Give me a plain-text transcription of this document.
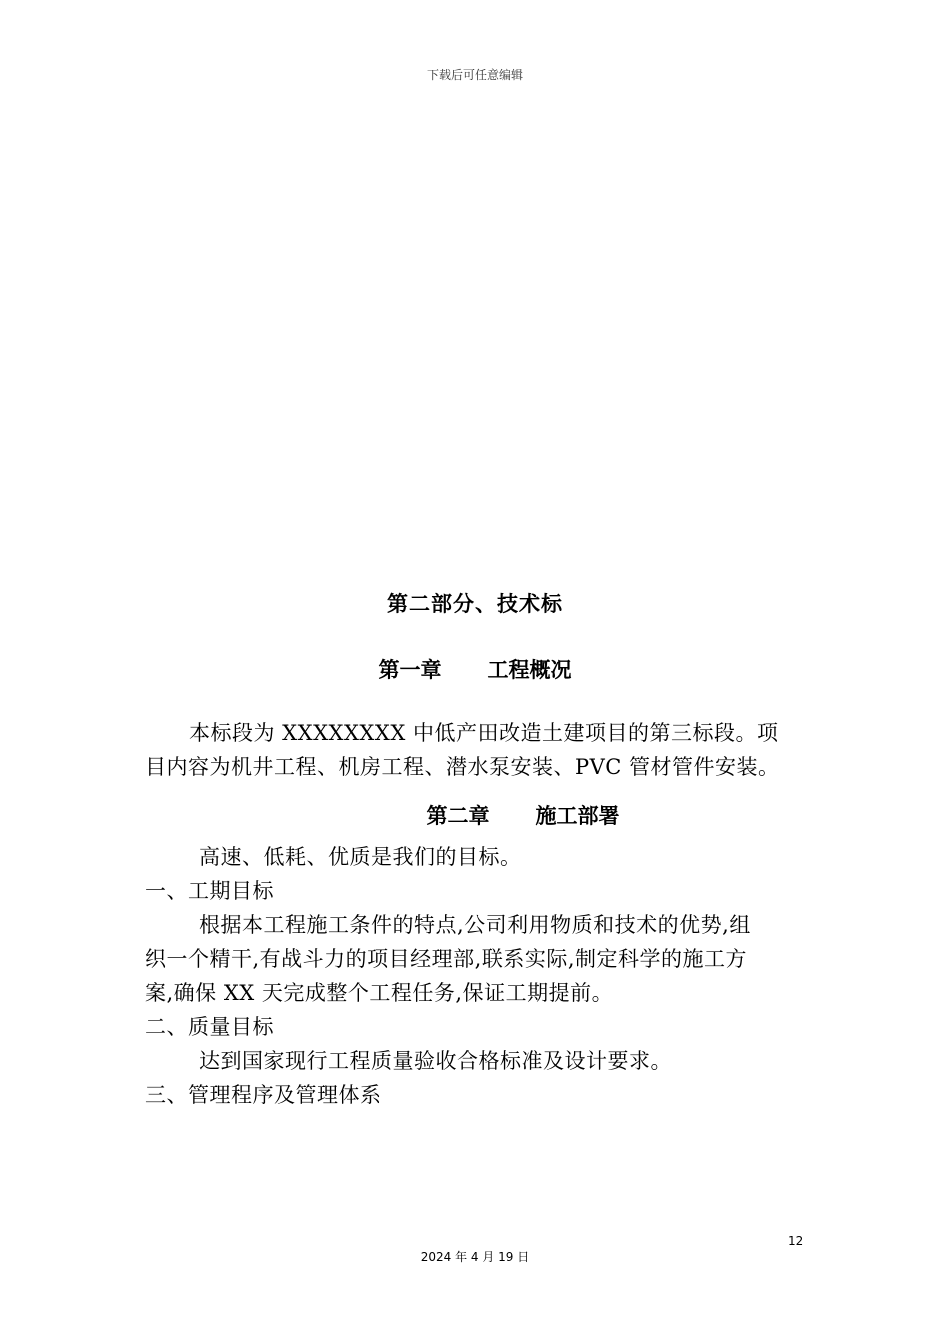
下载后可任意编辑
第二部分、技术标
第一章 工程概况

本标段为 XXXXXXXX 中低产田改造土建项目的第三标段。项

目内容为机井工程、机房工程、潜水泵安装、PVC 管材管件安装。

第二章 施工部署

高速、低耗、优质是我们的目标。

一、工期目标

根据本工程施工条件的特点,公司利用物质和技术的优势,组

织一个精干,有战斗力的项目经理部,联系实际,制定科学的施工方

案,确保 XX 天完成整个工程任务,保证工期提前。

二、质量目标

达到国家现行工程质量验收合格标准及设计要求。

三、管理程序及管理体系

12
2024 年 4 月 19 日
